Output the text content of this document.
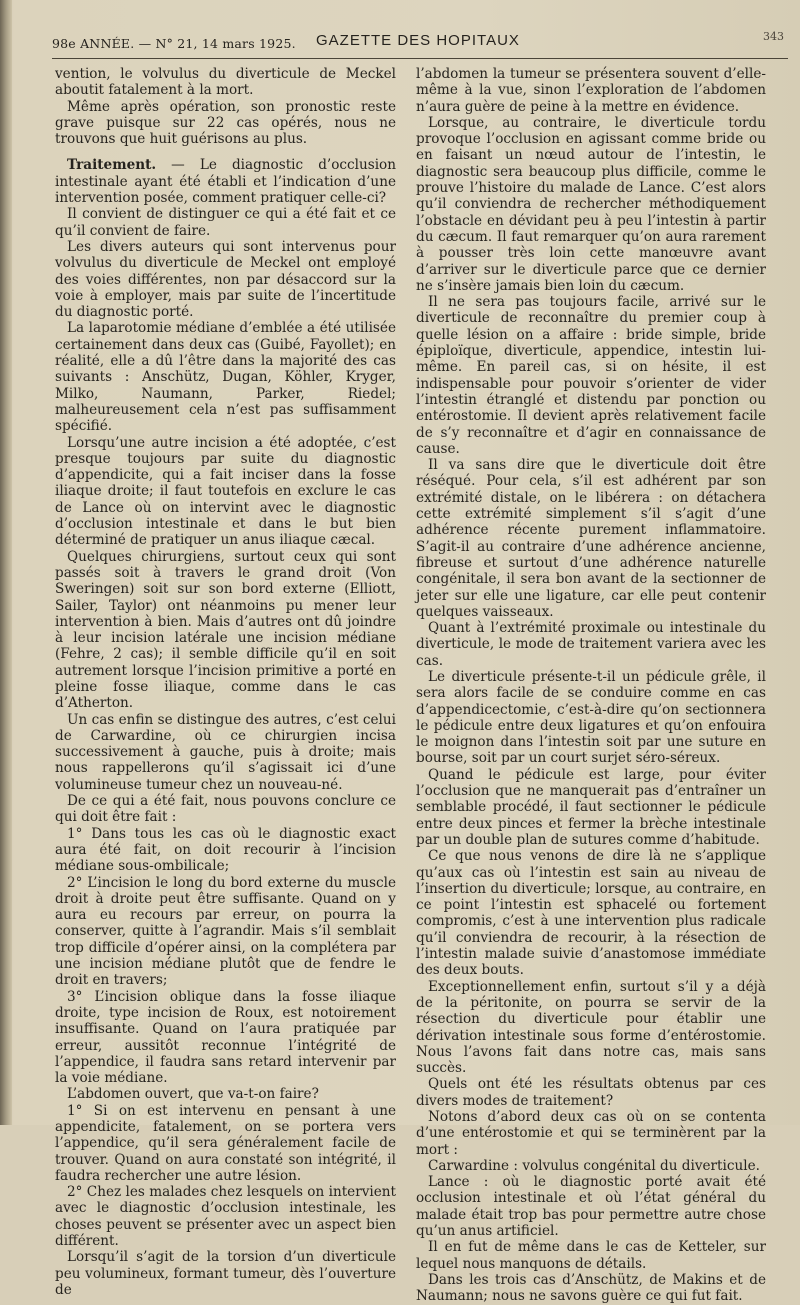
98e ANNÉE. — N° 21, 14 mars 1925. GAZETTE DES HOPITAUX	343

vention, le volvulus du diverticule de Meckel aboutit fatalement à la mort.

Même après opération, son pronostic reste grave puisque sur 22 cas opérés, nous ne trouvons que huit guérisons au plus.

Traitement. — Le diagnostic d’occlusion intestinale ayant été établi et l’indication d’une intervention posée, comment pratiquer celle-ci?

Il convient de distinguer ce qui a été fait et ce qu’il convient de faire.

Les divers auteurs qui sont intervenus pour volvulus du diverticule de Meckel ont employé des voies différentes, non par désaccord sur la voie à employer, mais par suite de l’incertitude du diagnostic porté.

La laparotomie médiane d’emblée a été utilisée certainement dans deux cas (Guibé, Fayollet); en réalité, elle a dû l’être dans la majorité des cas suivants : Anschütz, Dugan, Köhler, Kryger, Milko, Naumann, Parker, Riedel; malheureusement cela n’est pas suffisamment spécifié.

Lorsqu’une autre incision a été adoptée, c’est presque toujours par suite du diagnostic d’appendicite, qui a fait inciser dans la fosse iliaque droite; il faut toutefois en exclure le cas de Lance où on intervint avec le diagnostic d’occlusion intestinale et dans le but bien déterminé de pratiquer un anus iliaque cæcal.

Quelques chirurgiens, surtout ceux qui sont passés soit à travers le grand droit (Von Sweringen) soit sur son bord externe (Elliott, Sailer, Taylor) ont néanmoins pu mener leur intervention à bien. Mais d’autres ont dû joindre à leur incision latérale une incision médiane (Fehre, 2 cas); il semble difficile qu’il en soit autrement lorsque l’incision primitive a porté en pleine fosse iliaque, comme dans le cas d’Atherton.

Un cas enfin se distingue des autres, c’est celui de Carwardine, où ce chirurgien incisa successivement à gauche, puis à droite; mais nous rappellerons qu’il s’agissait ici d’une volumineuse tumeur chez un nouveau-né.

De ce qui a été fait, nous pouvons conclure ce qui doit être fait :

1° Dans tous les cas où le diagnostic exact aura été fait, on doit recourir à l’incision médiane sous-ombilicale;

2° L’incision le long du bord externe du muscle droit à droite peut être suffisante. Quand on y aura eu recours par erreur, on pourra la conserver, quitte à l’agrandir. Mais s’il semblait trop difficile d’opérer ainsi, on la complétera par une incision médiane plutôt que de fendre le droit en travers;

3° L’incision oblique dans la fosse iliaque droite, type incision de Roux, est notoirement insuffisante. Quand on l’aura pratiquée par erreur, aussitôt reconnue l’intégrité de l’appendice, il faudra sans retard intervenir par la voie médiane.

L’abdomen ouvert, que va-t-on faire?

1° Si on est intervenu en pensant à une appendicite, fatalement, on se portera vers l’appendice, qu’il sera généralement facile de trouver. Quand on aura constaté son intégrité, il faudra rechercher une autre lésion.

2° Chez les malades chez lesquels on intervient avec le diagnostic d’occlusion intestinale, les choses peuvent se présenter avec un aspect bien différent.

Lorsqu’il s’agit de la torsion d’un diverticule peu volumineux, formant tumeur, dès l’ouverture de

l’abdomen la tumeur se présentera souvent d’elle-même à la vue, sinon l’exploration de l’abdomen n’aura guère de peine à la mettre en évidence.

Lorsque, au contraire, le diverticule tordu provoque l’occlusion en agissant comme bride ou en faisant un nœud autour de l’intestin, le diagnostic sera beaucoup plus difficile, comme le prouve l’histoire du malade de Lance. C’est alors qu’il conviendra de rechercher méthodiquement l’obstacle en dévidant peu à peu l’intestin à partir du cæcum. Il faut remarquer qu’on aura rarement à pousser très loin cette manœuvre avant d’arriver sur le diverticule parce que ce dernier ne s’insère jamais bien loin du cæcum.

Il ne sera pas toujours facile, arrivé sur le diverticule de reconnaître du premier coup à quelle lésion on a affaire : bride simple, bride épiploïque, diverticule, appendice, intestin lui-même. En pareil cas, si on hésite, il est indispensable pour pouvoir s’orienter de vider l’intestin étranglé et distendu par ponction ou entérostomie. Il devient après relativement facile de s’y reconnaître et d’agir en connaissance de cause.

Il va sans dire que le diverticule doit être réséqué. Pour cela, s’il est adhérent par son extrémité distale, on le libérera : on détachera cette extrémité simplement s’il s’agit d’une adhérence récente purement inflammatoire. S’agit-il au contraire d’une adhérence ancienne, fibreuse et surtout d’une adhérence naturelle congénitale, il sera bon avant de la sectionner de jeter sur elle une ligature, car elle peut contenir quelques vaisseaux.

Quant à l’extrémité proximale ou intestinale du diverticule, le mode de traitement variera avec les cas.

Le diverticule présente-t-il un pédicule grêle, il sera alors facile de se conduire comme en cas d’appendicectomie, c’est-à-dire qu’on sectionnera le pédicule entre deux ligatures et qu’on enfouira le moignon dans l’intestin soit par une suture en bourse, soit par un court surjet séro-séreux.

Quand le pédicule est large, pour éviter l’occlusion que ne manquerait pas d’entraîner un semblable procédé, il faut sectionner le pédicule entre deux pinces et fermer la brèche intestinale par un double plan de sutures comme d’habitude.

Ce que nous venons de dire là ne s’applique qu’aux cas où l’intestin est sain au niveau de l’insertion du diverticule; lorsque, au contraire, en ce point l’intestin est sphacelé ou fortement compromis, c’est à une intervention plus radicale qu’il conviendra de recourir, à la résection de l’intestin malade suivie d’anastomose immédiate des deux bouts.

Exceptionnellement enfin, surtout s’il y a déjà de la péritonite, on pourra se servir de la résection du diverticule pour établir une dérivation intestinale sous forme d’entérostomie. Nous l’avons fait dans notre cas, mais sans succès.

Quels ont été les résultats obtenus par ces divers modes de traitement?

Notons d’abord deux cas où on se contenta d’une entérostomie et qui se terminèrent par la mort :

Carwardine : volvulus congénital du diverticule.

Lance : où le diagnostic porté avait été occlusion intestinale et où l’état général du malade était trop bas pour permettre autre chose qu’un anus artificiel.

Il en fut de même dans le cas de Ketteler, sur lequel nous manquons de détails.

Dans les trois cas d’Anschütz, de Makins et de Naumann; nous ne savons guère ce qui fut fait.
